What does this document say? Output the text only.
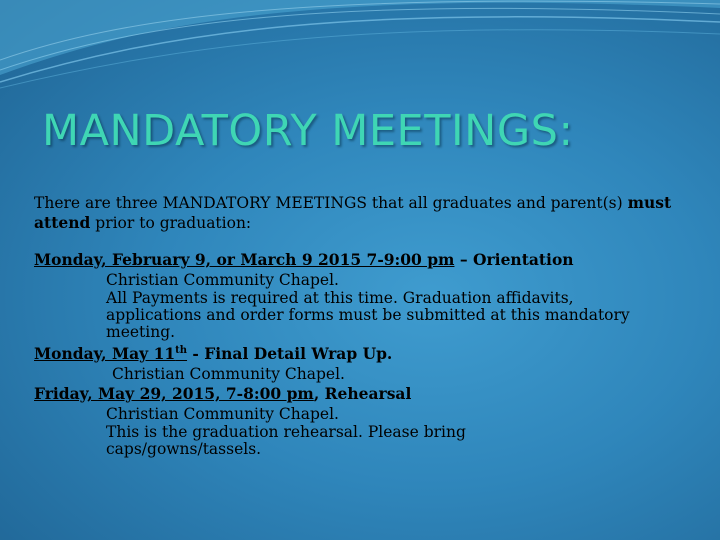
MANDATORY MEETINGS:
There are three MANDATORY MEETINGS that all graduates and parent(s) must attend prior to graduation:
Monday, February 9, or March 9 2015 7-9:00 pm – Orientation
Christian Community Chapel.
All Payments is required at this time. Graduation affidavits, applications and order forms must be submitted at this mandatory meeting.
Monday, May 11th - Final Detail Wrap Up.
Christian Community Chapel.
Friday, May 29, 2015, 7-8:00 pm, Rehearsal
Christian Community Chapel.
This is the graduation rehearsal. Please bring caps/gowns/tassels.
